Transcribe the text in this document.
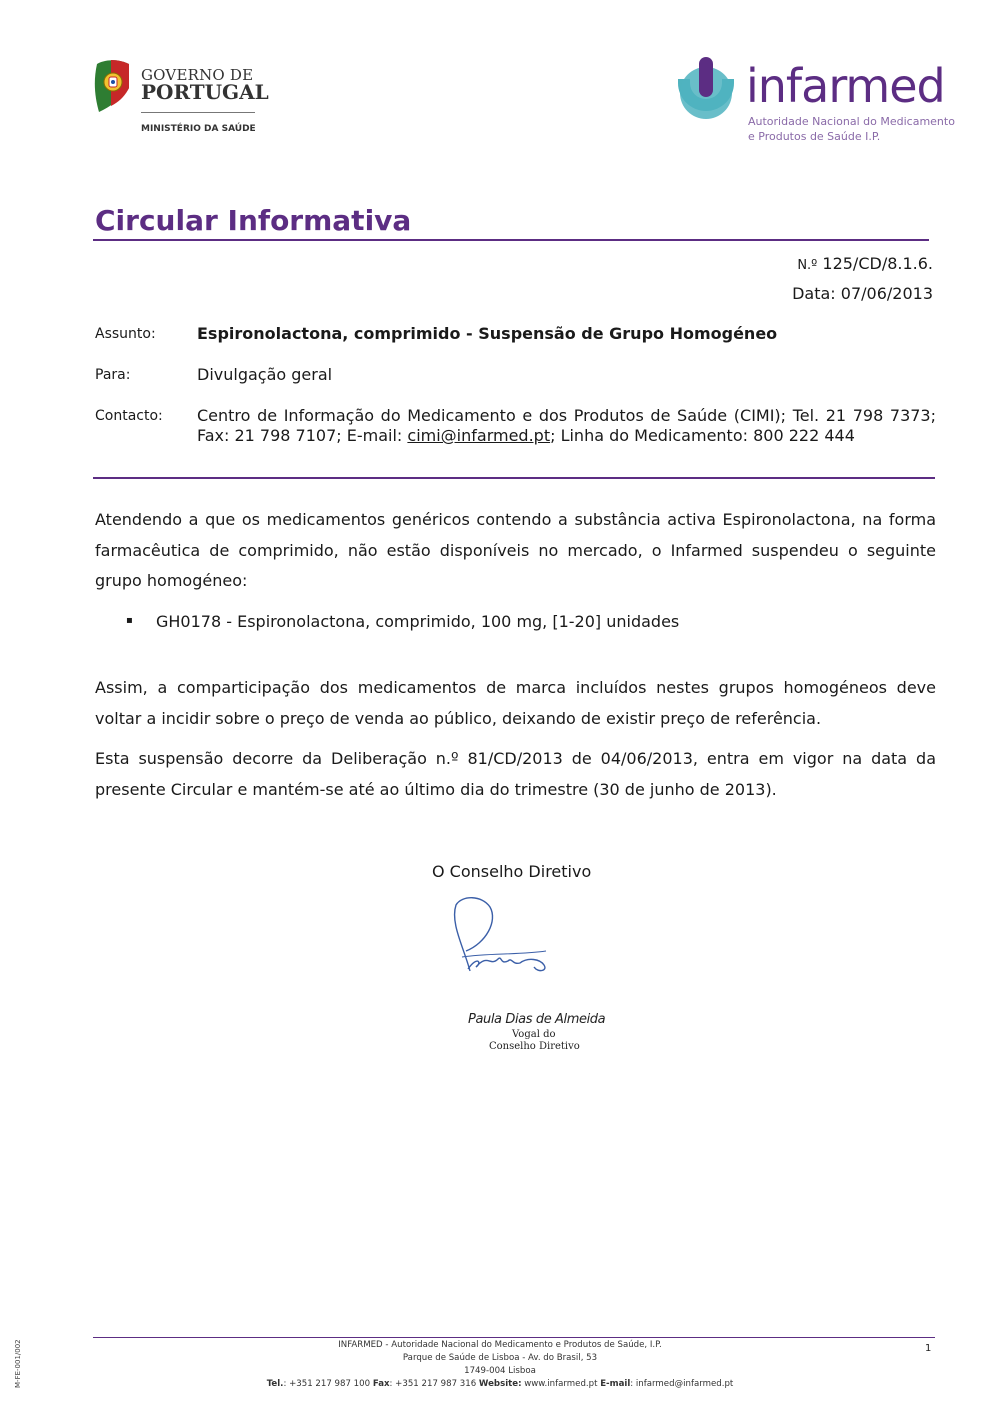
GOVERNO DE
PORTUGAL
MINISTÉRIO DA SAÚDE
infarmed
Autoridade Nacional do Medicamento
e Produtos de Saúde I.P.
Circular Informativa
N.º 125/CD/8.1.6.
Data: 07/06/2013
Assunto:	Espironolactona, comprimido - Suspensão de Grupo Homogéneo
Para:	Divulgação geral
Contacto: Centro de Informação do Medicamento e dos Produtos de Saúde (CIMI); Tel. 21 798 7373; Fax: 21 798 7107; E-mail: cimi@infarmed.pt; Linha do Medicamento: 800 222 444
Atendendo a que os medicamentos genéricos contendo a substância activa Espironolactona, na forma farmacêutica de comprimido, não estão disponíveis no mercado, o Infarmed suspendeu o seguinte grupo homogéneo:
▪ GH0178 - Espironolactona, comprimido, 100 mg, [1-20] unidades
Assim, a comparticipação dos medicamentos de marca incluídos nestes grupos homogéneos deve voltar a incidir sobre o preço de venda ao público, deixando de existir preço de referência.
Esta suspensão decorre da Deliberação n.º 81/CD/2013 de 04/06/2013, entra em vigor na data da presente Circular e mantém-se até ao último dia do trimestre (30 de junho de 2013).
O Conselho Diretivo
Paula Dias de Almeida
Vogal do
Conselho Diretivo
INFARMED - Autoridade Nacional do Medicamento e Produtos de Saúde, I.P.
Parque de Saúde de Lisboa - Av. do Brasil, 53
1749-004 Lisboa
Tel.: +351 217 987 100 Fax: +351 217 987 316 Website: www.infarmed.pt E-mail: infarmed@infarmed.pt
1
M-FE-001/002
